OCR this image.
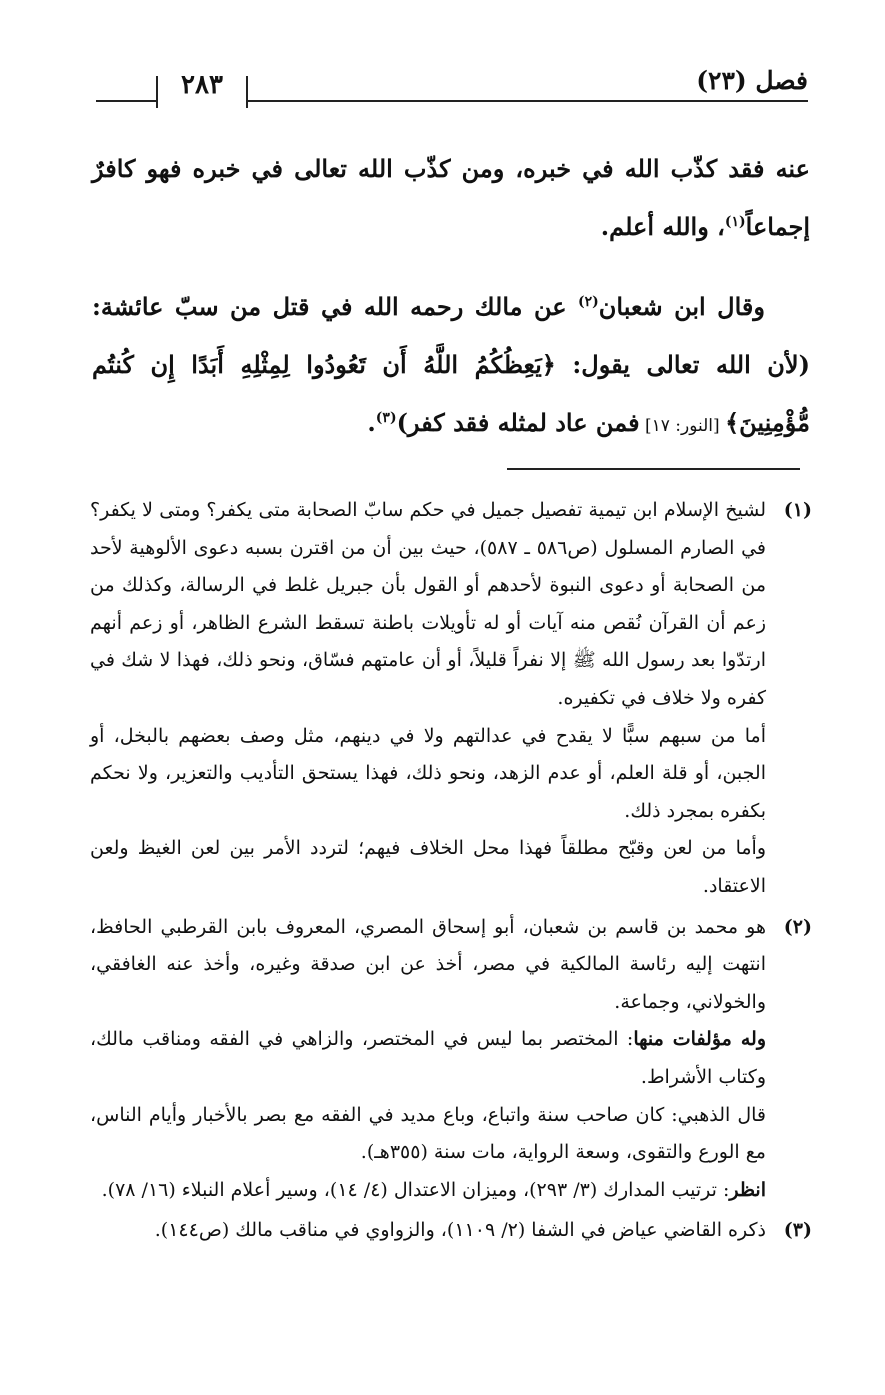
فصل (٢٣)
٢٨٣

عنه فقد كذّب الله في خبره، ومن كذّب الله تعالى في خبره فهو كافرٌ إجماعاً$^{(١)}$، والله أعلم.

وقال ابن شعبان$^{(٢)}$ عن مالك رحمه الله في قتل من سبّ عائشة: (لأن الله تعالى يقول: ﴿يَعِظُكُمُ اللَّهُ أَن تَعُودُوا لِمِثْلِهِ أَبَدًا إِن كُنتُم مُّؤْمِنِينَ﴾ [النور: ١٧] فمن عاد لمثله فقد كفر)$^{(٣)}$.

(١)

لشيخ الإسلام ابن تيمية تفصيل جميل في حكم سابّ الصحابة متى يكفر؟ ومتى لا يكفر؟ في الصارم المسلول (ص٥٨٦ ـ ٥٨٧)، حيث بين أن من اقترن بسبه دعوى الألوهية لأحد من الصحابة أو دعوى النبوة لأحدهم أو القول بأن جبريل غلط في الرسالة، وكذلك من زعم أن القرآن نُقص منه آيات أو له تأويلات باطنة تسقط الشرع الظاهر، أو زعم أنهم ارتدّوا بعد رسول الله ﷺ إلا نفراً قليلاً، أو أن عامتهم فسّاق، ونحو ذلك، فهذا لا شك في كفره ولا خلاف في تكفيره.

أما من سبهم سبًّا لا يقدح في عدالتهم ولا في دينهم، مثل وصف بعضهم بالبخل، أو الجبن، أو قلة العلم، أو عدم الزهد، ونحو ذلك، فهذا يستحق التأديب والتعزير، ولا نحكم بكفره بمجرد ذلك.

وأما من لعن وقبّح مطلقاً فهذا محل الخلاف فيهم؛ لتردد الأمر بين لعن الغيظ ولعن الاعتقاد.

(٢)

هو محمد بن قاسم بن شعبان، أبو إسحاق المصري، المعروف بابن القرطبي الحافظ، انتهت إليه رئاسة المالكية في مصر، أخذ عن ابن صدقة وغيره، وأخذ عنه الغافقي، والخولاني، وجماعة.

وله مؤلفات منها: المختصر بما ليس في المختصر، والزاهي في الفقه ومناقب مالك، وكتاب الأشراط.

قال الذهبي: كان صاحب سنة واتباع، وباع مديد في الفقه مع بصر بالأخبار وأيام الناس، مع الورع والتقوى، وسعة الرواية، مات سنة (٣٥٥هـ).

انظر: ترتيب المدارك (٣/ ٢٩٣)، وميزان الاعتدال (٤/ ١٤)، وسير أعلام النبلاء (١٦/ ٧٨).

(٣)

ذكره القاضي عياض في الشفا (٢/ ١١٠٩)، والزواوي في مناقب مالك (ص١٤٤).
